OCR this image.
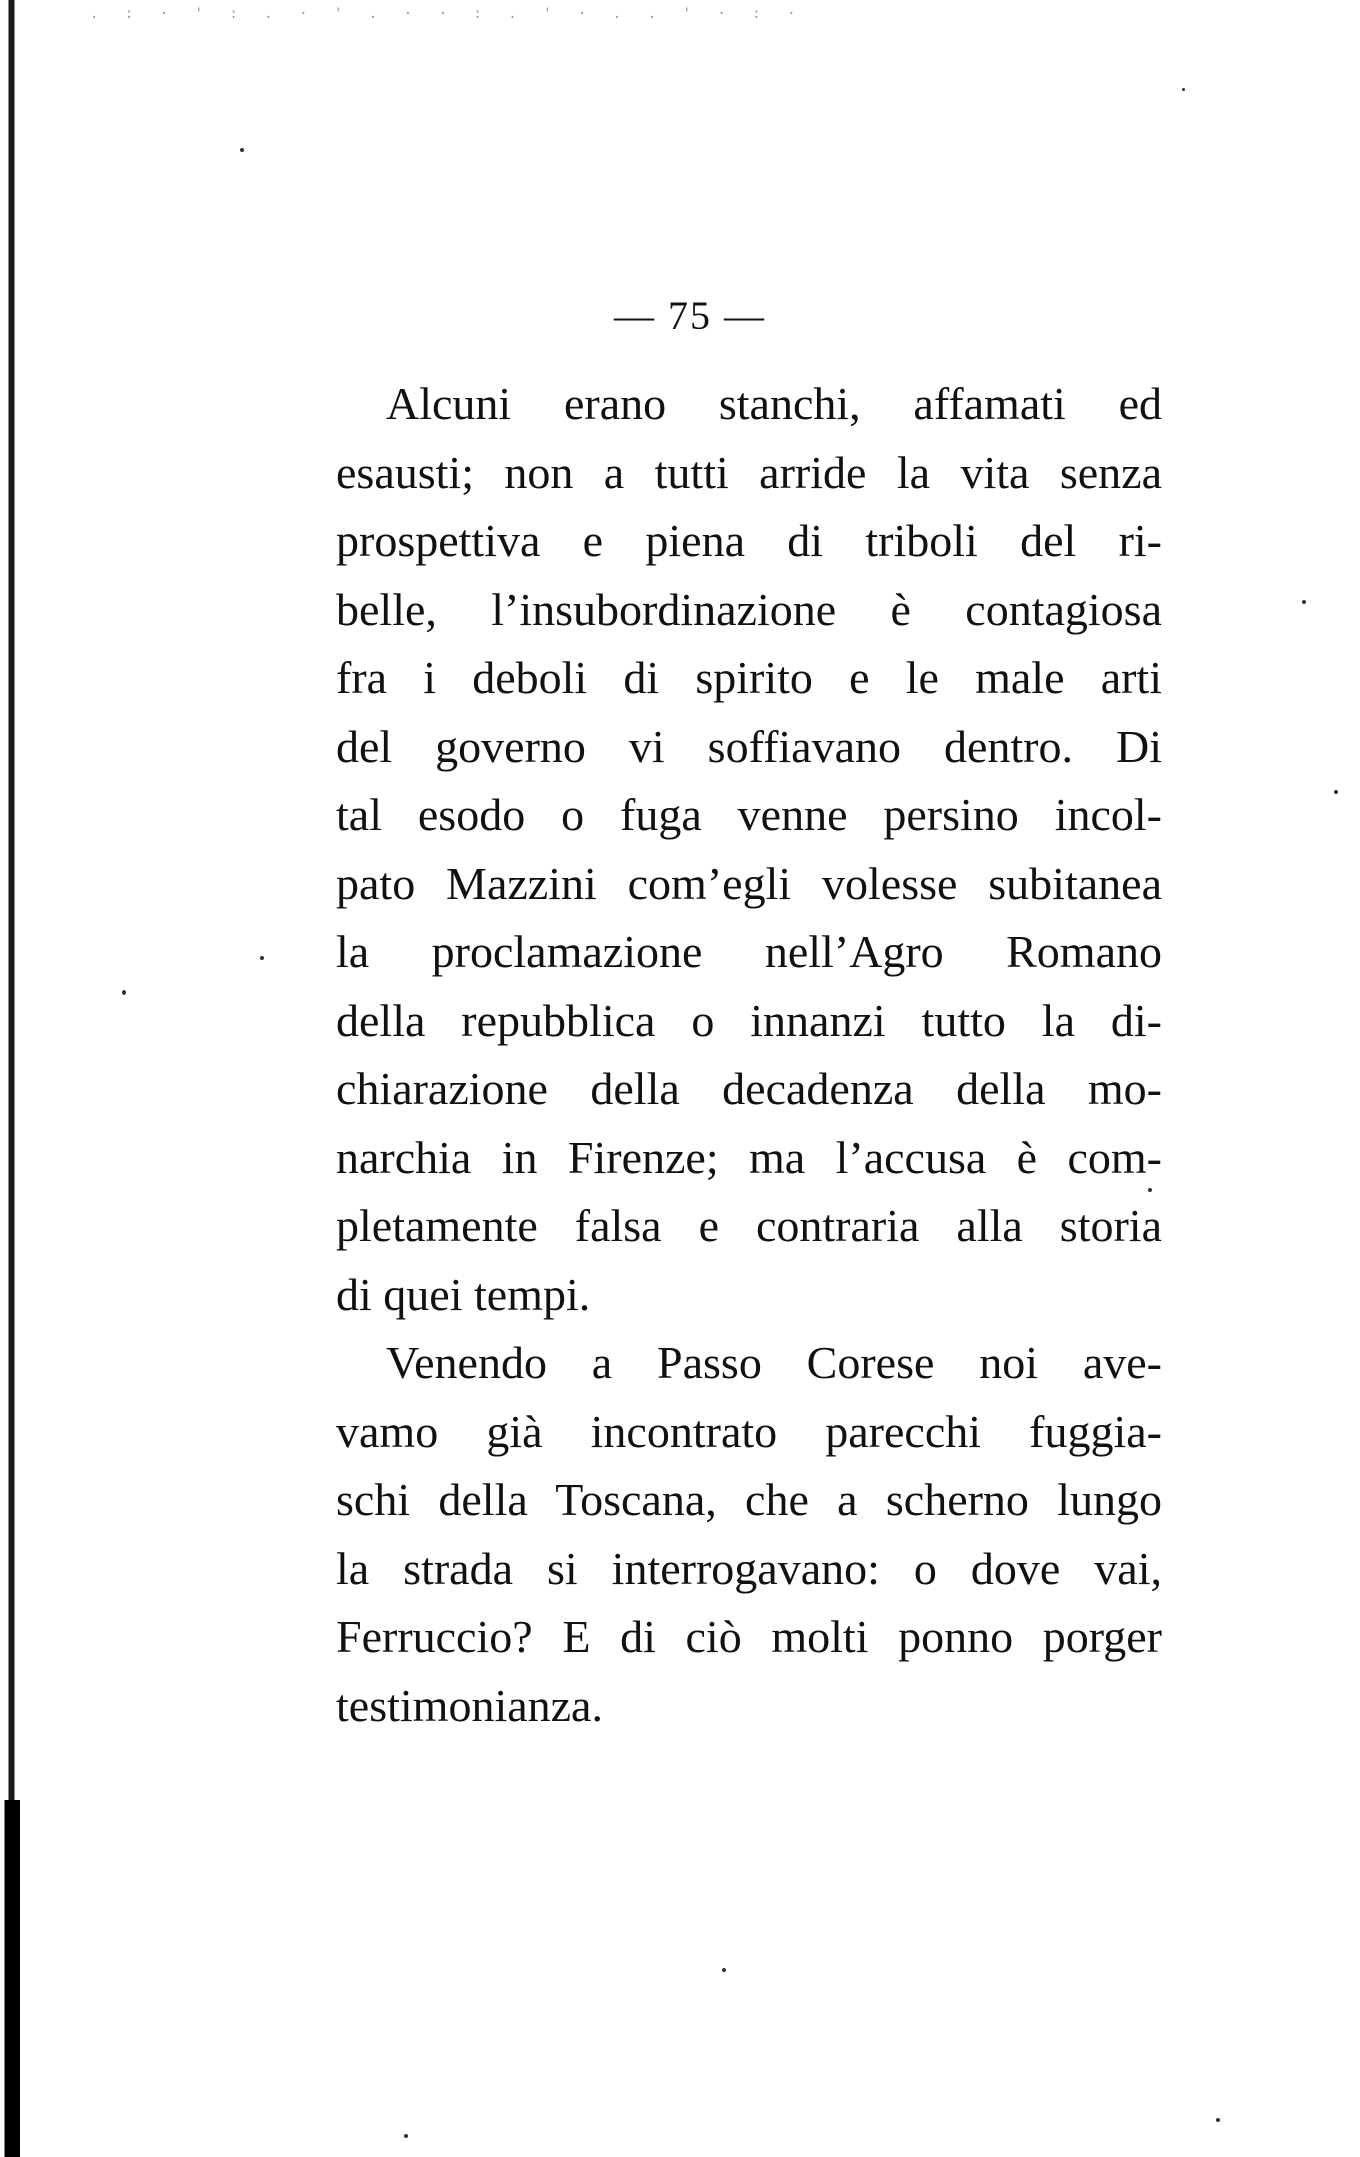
. : · ' : . · ' . · · : . ' · . . ' · : ·
— 75 —
Alcuni erano stanchi, affamati ed
esausti; non a tutti arride la vita senza
prospettiva e piena di triboli del ri-
belle, l’insubordinazione è contagiosa
fra i deboli di spirito e le male arti
del governo vi soffiavano dentro. Di
tal esodo o fuga venne persino incol-
pato Mazzini com’egli volesse subitanea
la proclamazione nell’Agro Romano
della repubblica o innanzi tutto la di-
chiarazione della decadenza della mo-
narchia in Firenze; ma l’accusa è com-
pletamente falsa e contraria alla storia
di quei tempi.
Venendo a Passo Corese noi ave-
vamo già incontrato parecchi fuggia-
schi della Toscana, che a scherno lungo
la strada si interrogavano: o dove vai,
Ferruccio? E di ciò molti ponno porger
testimonianza.
